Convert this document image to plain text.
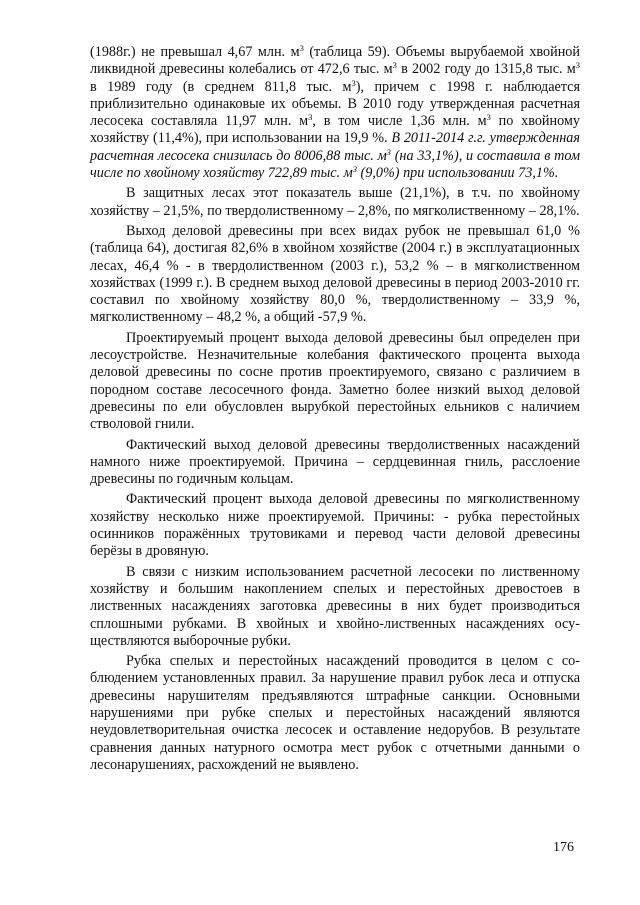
(1988г.) не превышал 4,67 млн. $м^3$ (таблица 59). Объемы вырубаемой хвойной ликвидной древесины колебались от 472,6 тыс. $м^3$ в 2002 году до 1315,8 тыс. $м^3$ в 1989 году (в среднем 811,8 тыс. $м^3$), причем с 1998 г. наблюдается приблизительно одинаковые их объемы. В 2010 году утвержденная расчетная лесосека составляла 11,97 млн. $м^3$, в том числе 1,36 млн. $м^3$ по хвойному хозяйству (11,4%), при использовании на 19,9 %. В 2011-2014 г.г. утвержденная расчетная лесосека снизилась до 8006,88 тыс. $м^3$ (на 33,1%), и составила в том числе по хвойному хозяйству 722,89 тыс. $м^3$ (9,0%) при использовании 73,1%.

В защитных лесах этот показатель выше (21,1%), в т.ч. по хвойному хозяйству – 21,5%, по твердолиственному – 2,8%, по мягколиственному – 28,1%.

Выход деловой древесины при всех видах рубок не превышал 61,0 % (таблица 64), достигая 82,6% в хвойном хозяйстве (2004 г.) в эксплуатационных лесах, 46,4 % - в твердолиственном (2003 г.), 53,2 % – в мягколиственном хозяйствах (1999 г.). В среднем выход деловой древесины в период 2003-2010 гг. составил по хвойному хозяйству 80,0 %, твердолиственному – 33,9 %, мягколиственному – 48,2 %, а общий -57,9 %.

Проектируемый процент выхода деловой древесины был определен при лесоустройстве. Незначительные колебания фактического процента выхода деловой древесины по сосне против проектируемого, связано с различием в породном составе лесосечного фонда. Заметно более низкий выход деловой древесины по ели обусловлен вырубкой перестойных ельников с наличием стволовой гнили.

Фактический выход деловой древесины твердолиственных насаждений намного ниже проектируемой. Причина – сердцевинная гниль, расслоение древесины по годичным кольцам.

Фактический процент выхода деловой древесины по мягколиственному хозяйству несколько ниже проектируемой. Причины: - рубка перестойных осинников поражённых трутовиками и перевод части деловой древесины берёзы в дровяную.

В связи с низким использованием расчетной лесосеки по лиственному хозяйству и большим накоплением спелых и перестойных древостоев в лиственных насаждениях заготовка древесины в них будет производиться сплошными рубками. В хвойных и хвойно-лиственных насаждениях осуществляются выборочные рубки.

Рубка спелых и перестойных насаждений проводится в целом с соблюдением установленных правил. За нарушение правил рубок леса и отпуска древесины нарушителям предъявляются штрафные санкции. Основными нарушениями при рубке спелых и перестойных насаждений являются неудовлетворительная очистка лесосек и оставление недорубов. В результате сравнения данных натурного осмотра мест рубок с отчетными данными о лесонарушениях, расхождений не выявлено.

176
